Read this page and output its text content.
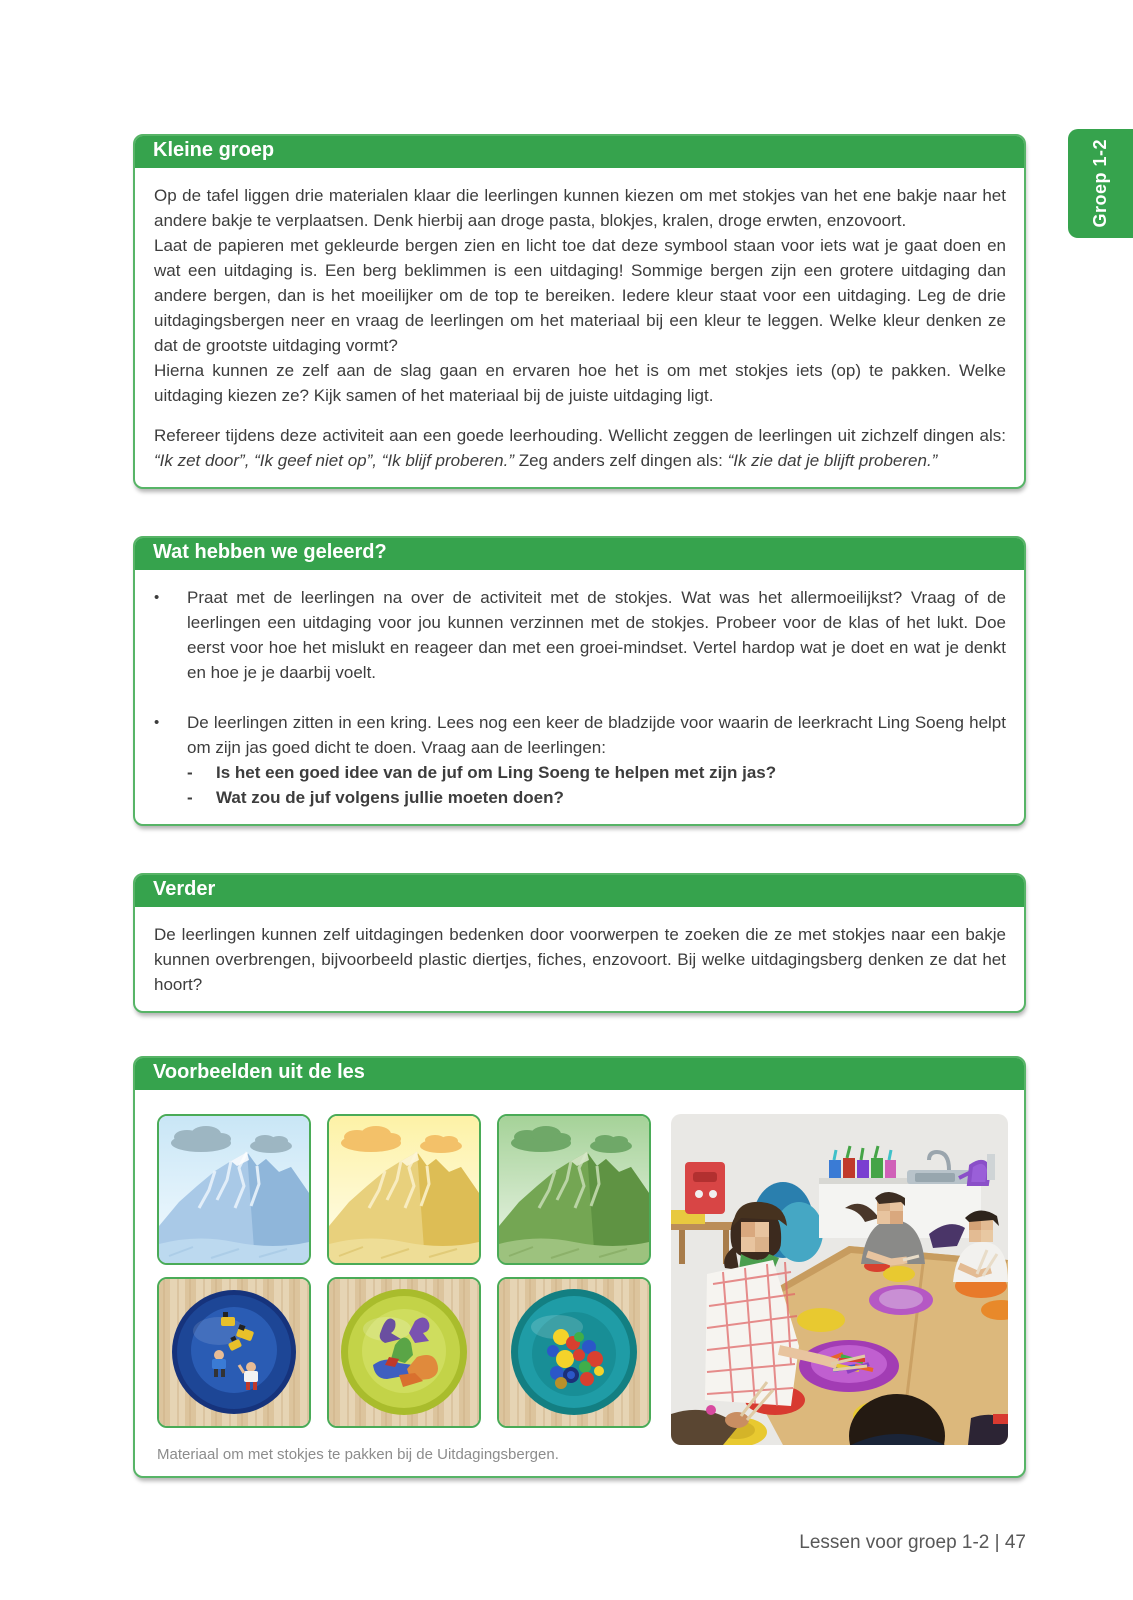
Groep 1-2
Kleine groep

Op de tafel liggen drie materialen klaar die leerlingen kunnen kiezen om met stokjes van het ene bakje naar het andere bakje te verplaatsen. Denk hierbij aan droge pasta, blokjes, kralen, droge erwten, enzovoort.

Laat de papieren met gekleurde bergen zien en licht toe dat deze symbool staan voor iets wat je gaat doen en wat een uitdaging is. Een berg beklimmen is een uitdaging! Sommige bergen zijn een grotere uitdaging dan andere bergen, dan is het moeilijker om de top te bereiken. Iedere kleur staat voor een uitdaging. Leg de drie uitdagingsbergen neer en vraag de leerlingen om het materiaal bij een kleur te leggen. Welke kleur denken ze dat de grootste uitdaging vormt?

Hierna kunnen ze zelf aan de slag gaan en ervaren hoe het is om met stokjes iets (op) te pakken. Welke uitdaging kiezen ze? Kijk samen of het materiaal bij de juiste uitdaging ligt.

Refereer tijdens deze activiteit aan een goede leerhouding. Wellicht zeggen de leerlingen uit zichzelf dingen als: “Ik zet door”, “Ik geef niet op”, “Ik blijf proberen.” Zeg anders zelf dingen als: “Ik zie dat je blijft proberen.”

Wat hebben we geleerd?
•	Praat met de leerlingen na over de activiteit met de stokjes. Wat was het allermoeilijkst? Vraag of de leerlingen een uitdaging voor jou kunnen verzinnen met de stokjes. Probeer voor de klas of het lukt. Doe eerst voor hoe het mislukt en reageer dan met een groei-mindset. Vertel hardop wat je doet en wat je denkt en hoe je je daarbij voelt.
•	De leerlingen zitten in een kring. Lees nog een keer de bladzijde voor waarin de leerkracht Ling Soeng helpt om zijn jas goed dicht te doen. Vraag aan de leerlingen:
-	Is het een goed idee van de juf om Ling Soeng te helpen met zijn jas?
-	Wat zou de juf volgens jullie moeten doen?
Verder

De leerlingen kunnen zelf uitdagingen bedenken door voorwerpen te zoeken die ze met stokjes naar een bakje kunnen overbrengen, bijvoorbeeld plastic diertjes, fiches, enzovoort. Bij welke uitdagingsberg denken ze dat het hoort?

Voorbeelden uit de les
Materiaal om met stokjes te pakken bij de Uitdagingsbergen.
Lessen voor groep 1-2 | 47
